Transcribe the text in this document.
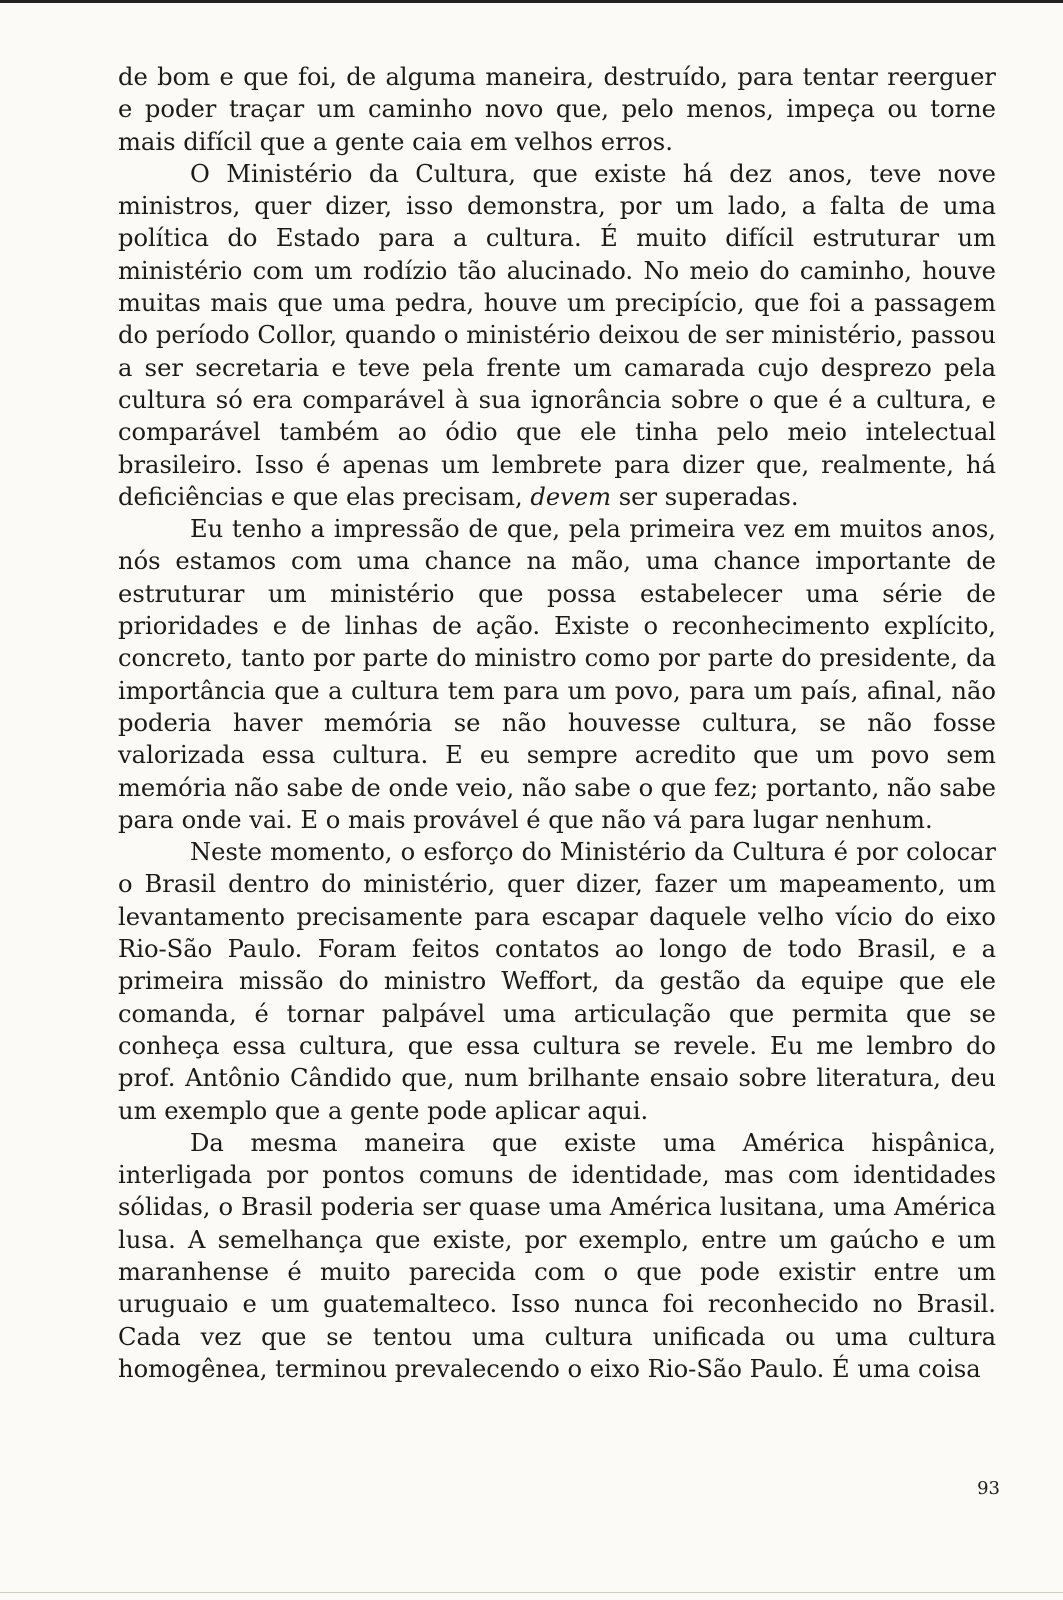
de bom e que foi, de alguma maneira, destruído, para tentar reerguer e poder traçar um caminho novo que, pelo menos, impeça ou torne mais difícil que a gente caia em velhos erros.

O Ministério da Cultura, que existe há dez anos, teve nove ministros, quer dizer, isso demonstra, por um lado, a falta de uma política do Estado para a cultura. É muito difícil estruturar um ministério com um rodízio tão alucinado. No meio do caminho, houve muitas mais que uma pedra, houve um precipício, que foi a passagem do período Collor, quando o ministério deixou de ser ministério, passou a ser secretaria e teve pela frente um camarada cujo desprezo pela cultura só era comparável à sua ignorância sobre o que é a cultura, e comparável também ao ódio que ele tinha pelo meio intelectual brasileiro. Isso é apenas um lembrete para dizer que, realmente, há deficiências e que elas precisam, devem ser superadas.

Eu tenho a impressão de que, pela primeira vez em muitos anos, nós estamos com uma chance na mão, uma chance importante de estruturar um ministério que possa estabelecer uma série de prioridades e de linhas de ação. Existe o reconhecimento explícito, concreto, tanto por parte do ministro como por parte do presidente, da importância que a cultura tem para um povo, para um país, afinal, não poderia haver memória se não houvesse cultura, se não fosse valorizada essa cultura. E eu sempre acredito que um povo sem memória não sabe de onde veio, não sabe o que fez; portanto, não sabe para onde vai. E o mais provável é que não vá para lugar nenhum.

Neste momento, o esforço do Ministério da Cultura é por colocar o Brasil dentro do ministério, quer dizer, fazer um mapeamento, um levantamento precisamente para escapar daquele velho vício do eixo Rio-São Paulo. Foram feitos contatos ao longo de todo Brasil, e a primeira missão do ministro Weffort, da gestão da equipe que ele comanda, é tornar palpável uma articulação que permita que se conheça essa cultura, que essa cultura se revele. Eu me lembro do prof. Antônio Cândido que, num brilhante ensaio sobre literatura, deu um exemplo que a gente pode aplicar aqui.

Da mesma maneira que existe uma América hispânica, interligada por pontos comuns de identidade, mas com identidades sólidas, o Brasil poderia ser quase uma América lusitana, uma América lusa. A semelhança que existe, por exemplo, entre um gaúcho e um maranhense é muito parecida com o que pode existir entre um uruguaio e um guatemalteco. Isso nunca foi reconhecido no Brasil. Cada vez que se tentou uma cultura unificada ou uma cultura homogênea, terminou prevalecendo o eixo Rio-São Paulo. É uma coisa

93
